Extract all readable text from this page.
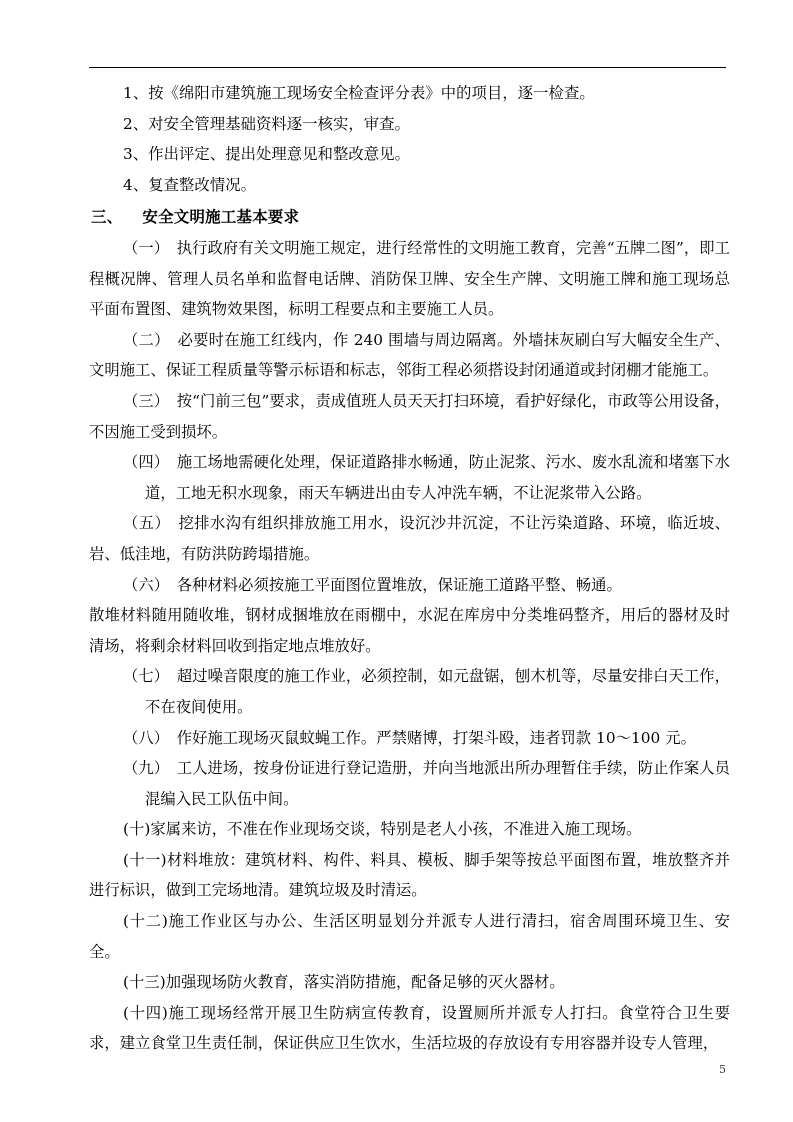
1、按《绵阳市建筑施工现场安全检查评分表》中的项目，逐一检查。

2、对安全管理基础资料逐一核实，审查。

3、作出评定、提出处理意见和整改意见。

4、复查整改情况。

三、 安全文明施工基本要求

（一）　 执行政府有关文明施工规定，进行经常性的文明施工教育，完善“五牌二图”，即工程概况牌、管理人员名单和监督电话牌、消防保卫牌、安全生产牌、文明施工牌和施工现场总平面布置图、建筑物效果图，标明工程要点和主要施工人员。

（二）　 必要时在施工红线内，作 240 围墙与周边隔离。外墙抹灰刷白写大幅安全生产、文明施工、保证工程质量等警示标语和标志，邻街工程必须搭设封闭通道或封闭棚才能施工。

（三）　 按“门前三包”要求，责成值班人员天天打扫环境，看护好绿化，市政等公用设备，不因施工受到损坏。

（四）　 施工场地需硬化处理，保证道路排水畅通，防止泥浆、污水、废水乱流和堵塞下水道，工地无积水现象，雨天车辆进出由专人冲洗车辆，不让泥浆带入公路。

（五）　 挖排水沟有组织排放施工用水，设沉沙井沉淀，不让污染道路、环境，临近坡、岩、低洼地，有防洪防跨塌措施。

（六）　 各种材料必须按施工平面图位置堆放，保证施工道路平整、畅通。

散堆材料随用随收堆，钢材成捆堆放在雨棚中，水泥在库房中分类堆码整齐，用后的器材及时清场，将剩余材料回收到指定地点堆放好。

（七）　 超过噪音限度的施工作业，必须控制，如元盘锯，刨木机等，尽量安排白天工作，不在夜间使用。

（八）　 作好施工现场灭鼠蚊蝇工作。严禁赌博，打架斗殴，违者罚款 10～100 元。

（九）　 工人进场，按身份证进行登记造册，并向当地派出所办理暂住手续，防止作案人员混编入民工队伍中间。

(十)家属来访，不准在作业现场交谈，特别是老人小孩，不准进入施工现场。

(十一)材料堆放：建筑材料、构件、料具、模板、脚手架等按总平面图布置，堆放整齐并进行标识，做到工完场地清。建筑垃圾及时清运。

(十二)施工作业区与办公、生活区明显划分并派专人进行清扫，宿舍周围环境卫生、安全。

(十三)加强现场防火教育，落实消防措施，配备足够的灭火器材。

(十四)施工现场经常开展卫生防病宣传教育，设置厕所并派专人打扫。食堂符合卫生要求，建立食堂卫生责任制，保证供应卫生饮水，生活垃圾的存放设有专用容器并设专人管理，

5
